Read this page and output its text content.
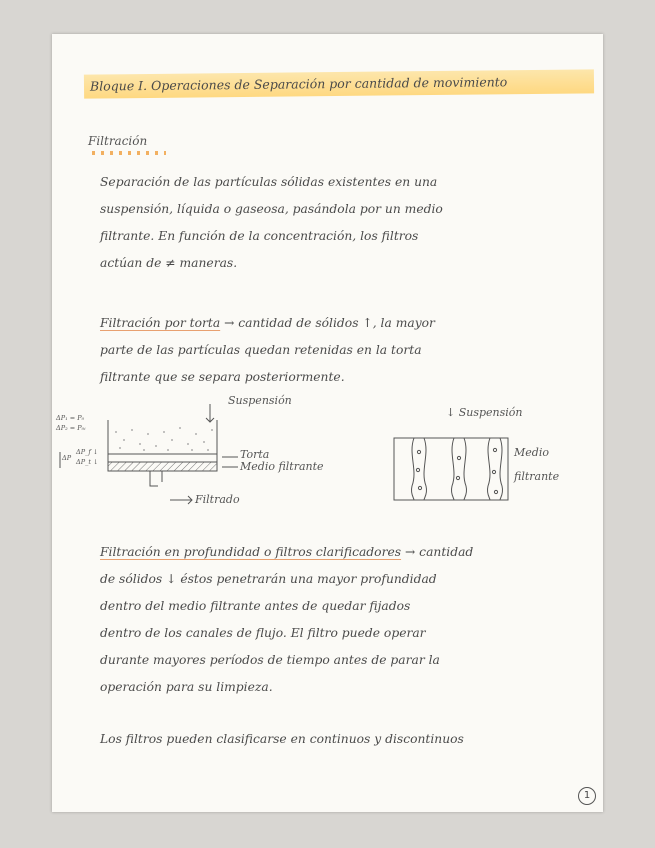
Bloque I. Operaciones de Separación por cantidad de movimiento
Filtración
Separación de las partículas sólidas existentes en una
suspensión, líquida o gaseosa, pasándola por un medio
filtrante. En función de la concentración, los filtros
actúan de ≠ maneras.
Filtración por torta → cantidad de sólidos ↑, la mayor
parte de las partículas quedan retenidas en la torta
filtrante que se separa posteriormente.
Suspensión
Torta
Medio filtrante
Filtrado
ΔP₁ = P₀
ΔP₂ = P₀ᵢ
ΔP
ΔP_f ↓
ΔP_t ↓
↓ Suspensión
Medio
filtrante
Filtración en profundidad o filtros clarificadores → cantidad
de sólidos ↓ éstos penetrarán una mayor profundidad
dentro del medio filtrante antes de quedar fijados
dentro de los canales de flujo. El filtro puede operar
durante mayores períodos de tiempo antes de parar la
operación para su limpieza.
Los filtros pueden clasificarse en continuos y discontinuos
1
